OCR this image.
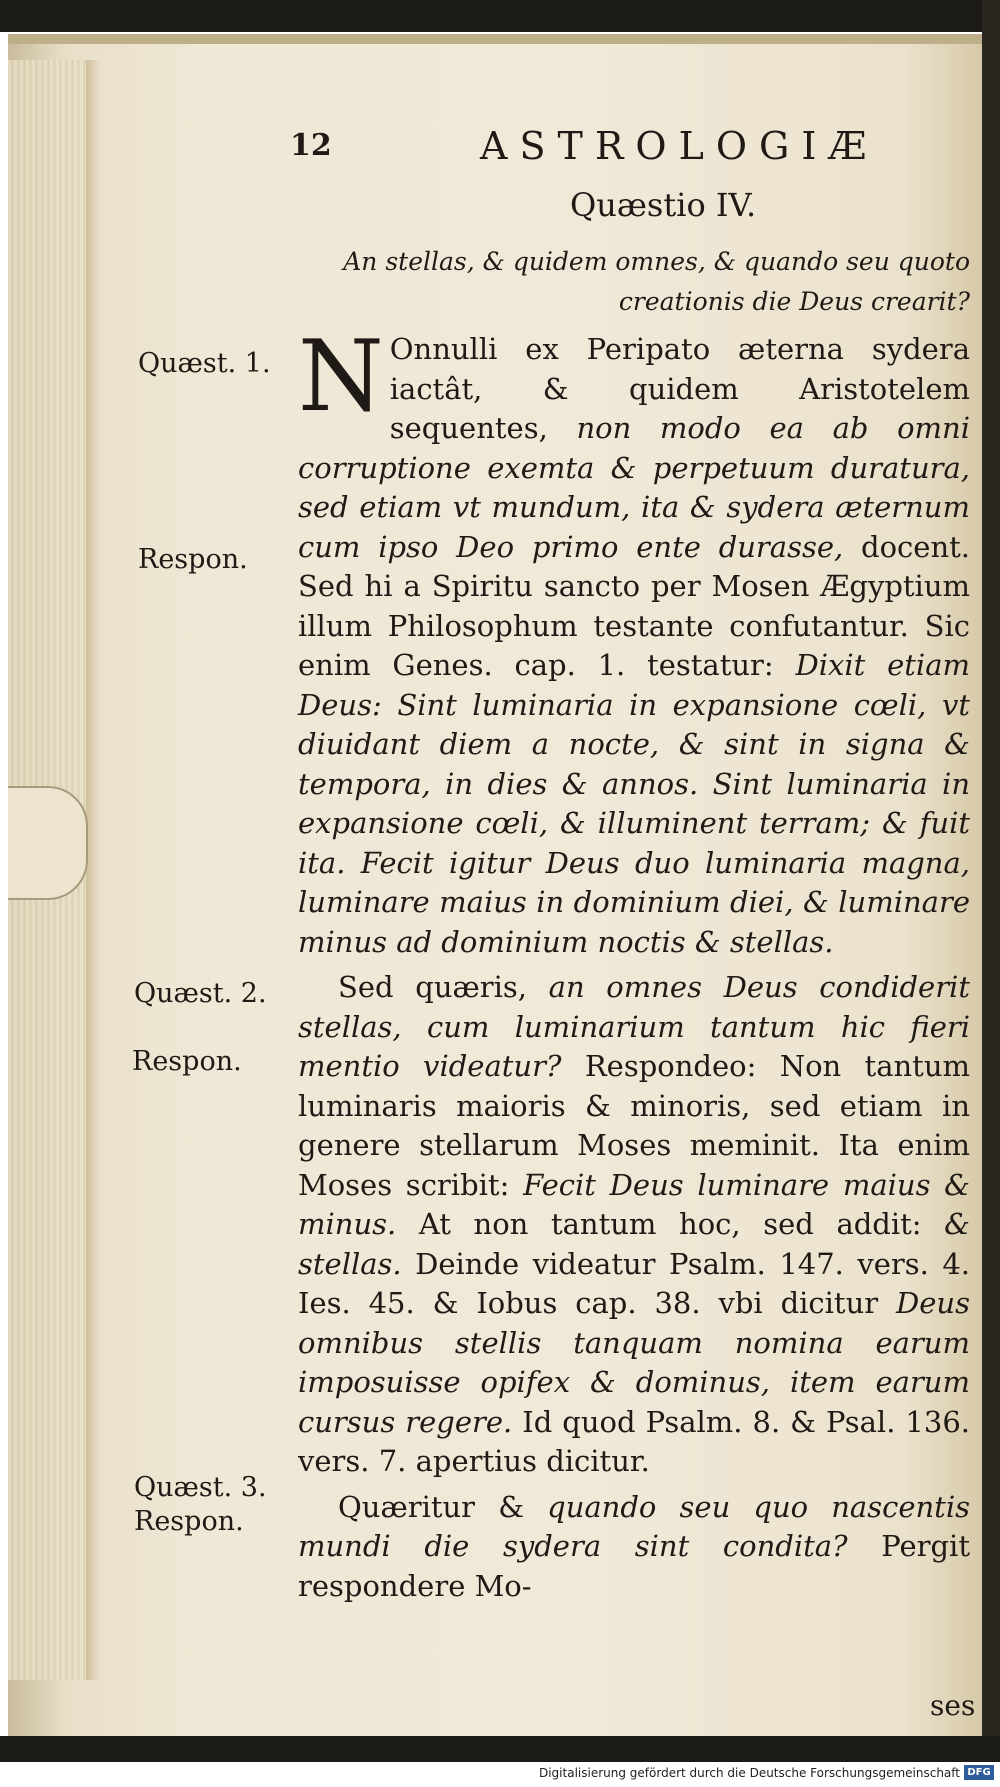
12	ASTROLOGIÆ
Quæstio IV.
An stellas, & quidem omnes, & quando seu quoto creationis die Deus crearit?
Quæst. 1.
Respon.
Quæst. 2.
Respon.
Quæst. 3.
Respon.

N Onnulli ex Peripato æterna sydera iactât, & quidem Aristotelem sequentes, non modo ea ab omni corruptione exemta & perpetuum duratura, sed etiam vt mundum, ita & sydera æternum cum ipso Deo primo ente durasse, docent. Sed hi a Spiritu sancto per Mosen Ægyptium illum Philosophum testante confutantur. Sic enim Genes. cap. 1. testatur: Dixit etiam Deus: Sint luminaria in expansione cœli, vt diuidant diem a nocte, & sint in signa & tempora, in dies & annos. Sint luminaria in expansione cœli, & illuminent terram; & fuit ita. Fecit igitur Deus duo luminaria magna, luminare maius in dominium diei, & luminare minus ad dominium noctis & stellas.

Sed quæris, an omnes Deus condiderit stellas, cum luminarium tantum hic fieri mentio videatur? Respondeo: Non tantum luminaris maioris & minoris, sed etiam in genere stellarum Moses meminit. Ita enim Moses scribit: Fecit Deus luminare maius & minus. At non tantum hoc, sed addit: & stellas. Deinde videatur Psalm. 147. vers. 4. Ies. 45. & Iobus cap. 38. vbi dicitur Deus omnibus stellis tanquam nomina earum imposuisse opifex & dominus, item earum cursus regere. Id quod Psalm. 8. & Psal. 136. vers. 7. apertius dicitur.

Quæritur & quando seu quo nascentis mundi die sydera sint condita? Pergit respondere Mo-

ses
Digitalisierung gefördert durch die Deutsche Forschungsgemeinschaft DFG
